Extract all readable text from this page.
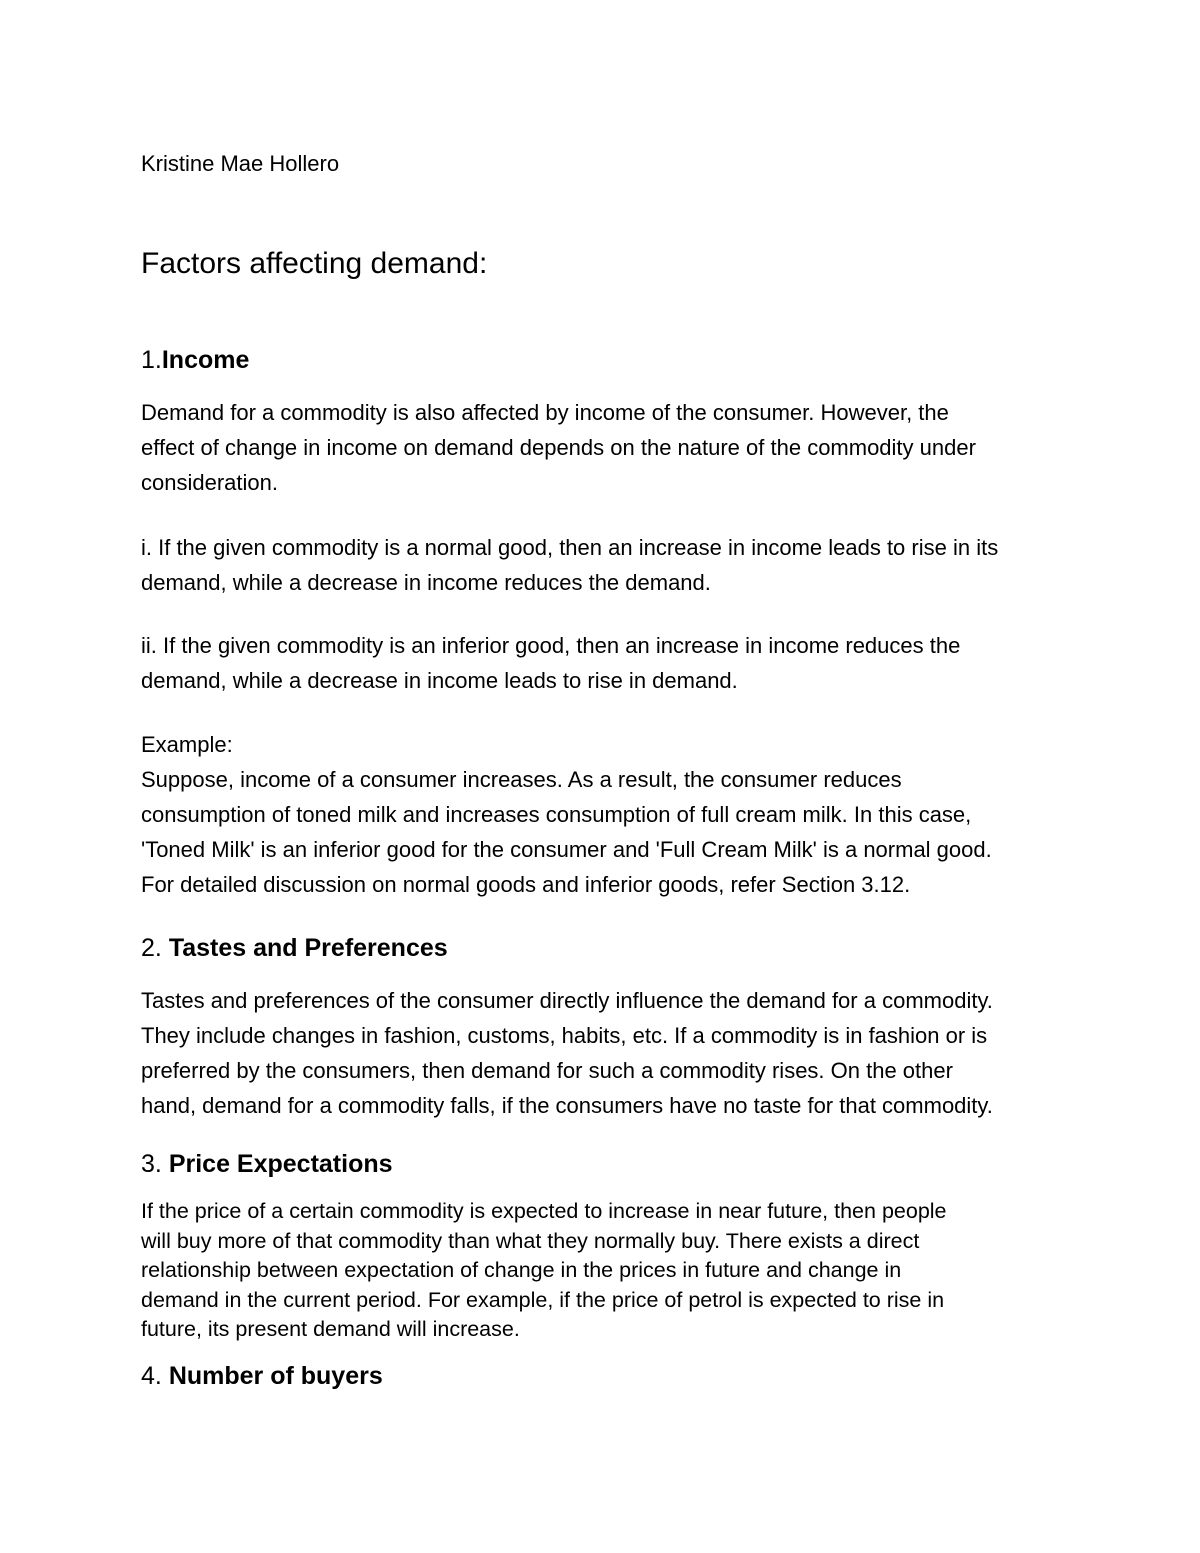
Kristine Mae Hollero

Factors affecting demand:
1.Income
Demand for a commodity is also affected by income of the consumer. However, the
effect of change in income on demand depends on the nature of the commodity under
consideration.
i. If the given commodity is a normal good, then an increase in income leads to rise in its
demand, while a decrease in income reduces the demand.
ii. If the given commodity is an inferior good, then an increase in income reduces the
demand, while a decrease in income leads to rise in demand.
Example:
Suppose, income of a consumer increases. As a result, the consumer reduces
consumption of toned milk and increases consumption of full cream milk. In this case,
'Toned Milk' is an inferior good for the consumer and 'Full Cream Milk' is a normal good.
For detailed discussion on normal goods and inferior goods, refer Section 3.12.
2. Tastes and Preferences
Tastes and preferences of the consumer directly influence the demand for a commodity.
They include changes in fashion, customs, habits, etc. If a commodity is in fashion or is
preferred by the consumers, then demand for such a commodity rises. On the other
hand, demand for a commodity falls, if the consumers have no taste for that commodity.
3. Price Expectations
If the price of a certain commodity is expected to increase in near future, then people
will buy more of that commodity than what they normally buy. There exists a direct
relationship between expectation of change in the prices in future and change in
demand in the current period. For example, if the price of petrol is expected to rise in
future, its present demand will increase.
4. Number of buyers
